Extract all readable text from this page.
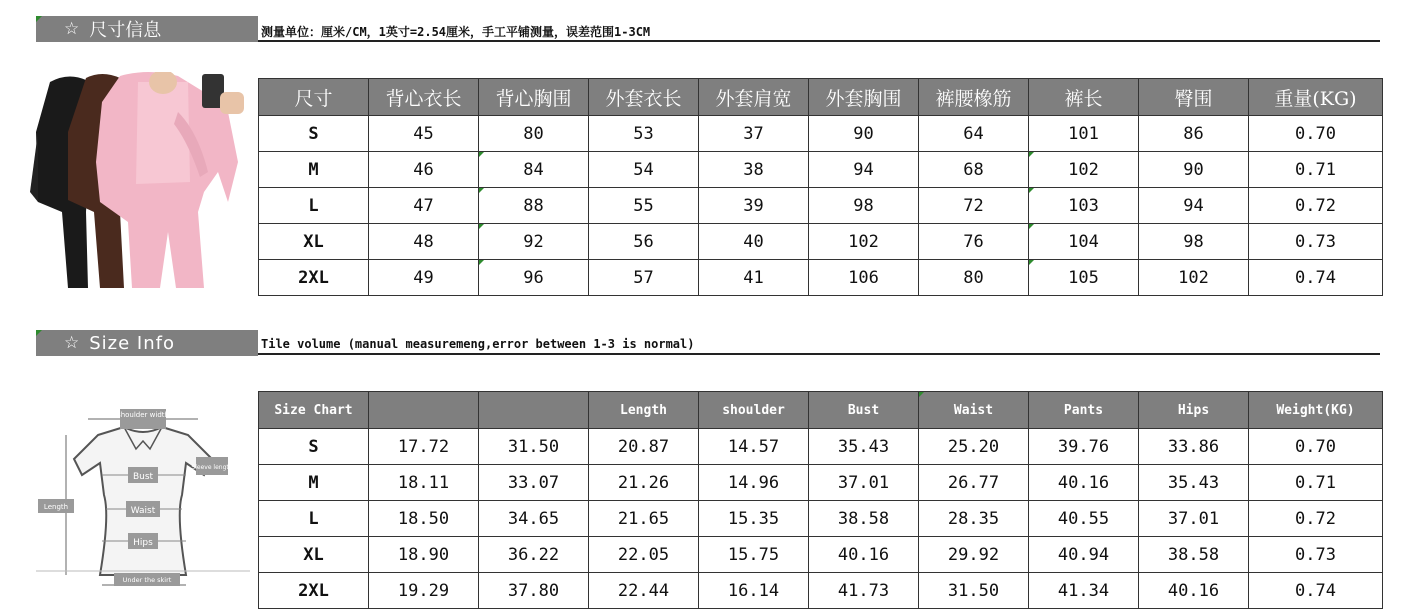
☆ 尺寸信息	测量单位：厘米/CM，1英寸=2.54厘米，手工平铺测量，误差范围1-3CM
尺寸	背心衣长	背心胸围	外套衣长	外套肩宽	外套胸围	裤腰橡筋	裤长	臀围	重量(KG)
S	45	80	53	37	90	64	101	86	0.70
M	46	84	54	38	94	68	102	90	0.71
L	47	88	55	39	98	72	103	94	0.72
XL	48	92	56	40	102	76	104	98	0.73
2XL	49	96	57	41	106	80	105	102	0.74
☆ Size Info	Tile volume (manual measuremeng,error between 1-3 is normal)
shoulder width
Bust
Waist
Hips
Length
Sleeve length
Under the skirt
Size Chart			Length	shoulder	Bust	Waist	Pants	Hips	Weight(KG)
S	17.72	31.50	20.87	14.57	35.43	25.20	39.76	33.86	0.70
M	18.11	33.07	21.26	14.96	37.01	26.77	40.16	35.43	0.71
L	18.50	34.65	21.65	15.35	38.58	28.35	40.55	37.01	0.72
XL	18.90	36.22	22.05	15.75	40.16	29.92	40.94	38.58	0.73
2XL	19.29	37.80	22.44	16.14	41.73	31.50	41.34	40.16	0.74
